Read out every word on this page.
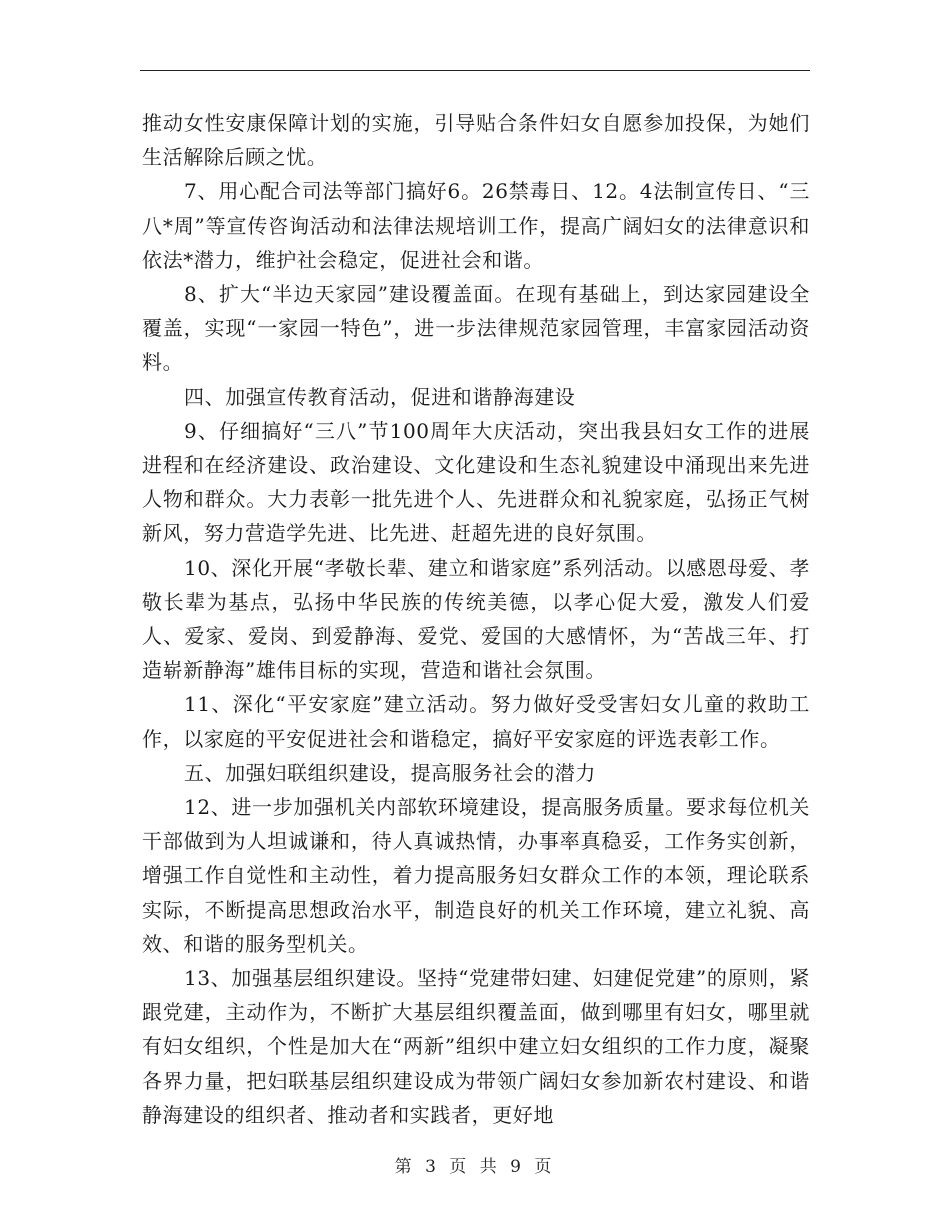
推动女性安康保障计划的实施，引导贴合条件妇女自愿参加投保，为她们生活解除后顾之忧。

7、用心配合司法等部门搞好6。26禁毒日、12。4法制宣传日、“三八*周”等宣传咨询活动和法律法规培训工作，提高广阔妇女的法律意识和依法*潜力，维护社会稳定，促进社会和谐。

8、扩大“半边天家园”建设覆盖面。在现有基础上，到达家园建设全覆盖，实现“一家园一特色”，进一步法律规范家园管理，丰富家园活动资料。

四、加强宣传教育活动，促进和谐静海建设

9、仔细搞好“三八”节100周年大庆活动，突出我县妇女工作的进展进程和在经济建设、政治建设、文化建设和生态礼貌建设中涌现出来先进人物和群众。大力表彰一批先进个人、先进群众和礼貌家庭，弘扬正气树新风，努力营造学先进、比先进、赶超先进的良好氛围。

10、深化开展“孝敬长辈、建立和谐家庭”系列活动。以感恩母爱、孝敬长辈为基点，弘扬中华民族的传统美德，以孝心促大爱，激发人们爱人、爱家、爱岗、到爱静海、爱党、爱国的大感情怀，为“苦战三年、打造崭新静海”雄伟目标的实现，营造和谐社会氛围。

11、深化“平安家庭”建立活动。努力做好受受害妇女儿童的救助工作，以家庭的平安促进社会和谐稳定，搞好平安家庭的评选表彰工作。

五、加强妇联组织建设，提高服务社会的潜力

12、进一步加强机关内部软环境建设，提高服务质量。要求每位机关干部做到为人坦诚谦和，待人真诚热情，办事率真稳妥，工作务实创新，增强工作自觉性和主动性，着力提高服务妇女群众工作的本领，理论联系实际，不断提高思想政治水平，制造良好的机关工作环境，建立礼貌、高效、和谐的服务型机关。

13、加强基层组织建设。坚持“党建带妇建、妇建促党建”的原则，紧跟党建，主动作为，不断扩大基层组织覆盖面，做到哪里有妇女，哪里就有妇女组织，个性是加大在“两新”组织中建立妇女组织的工作力度，凝聚各界力量，把妇联基层组织建设成为带领广阔妇女参加新农村建设、和谐静海建设的组织者、推动者和实践者，更好地

第 3 页 共 9 页
